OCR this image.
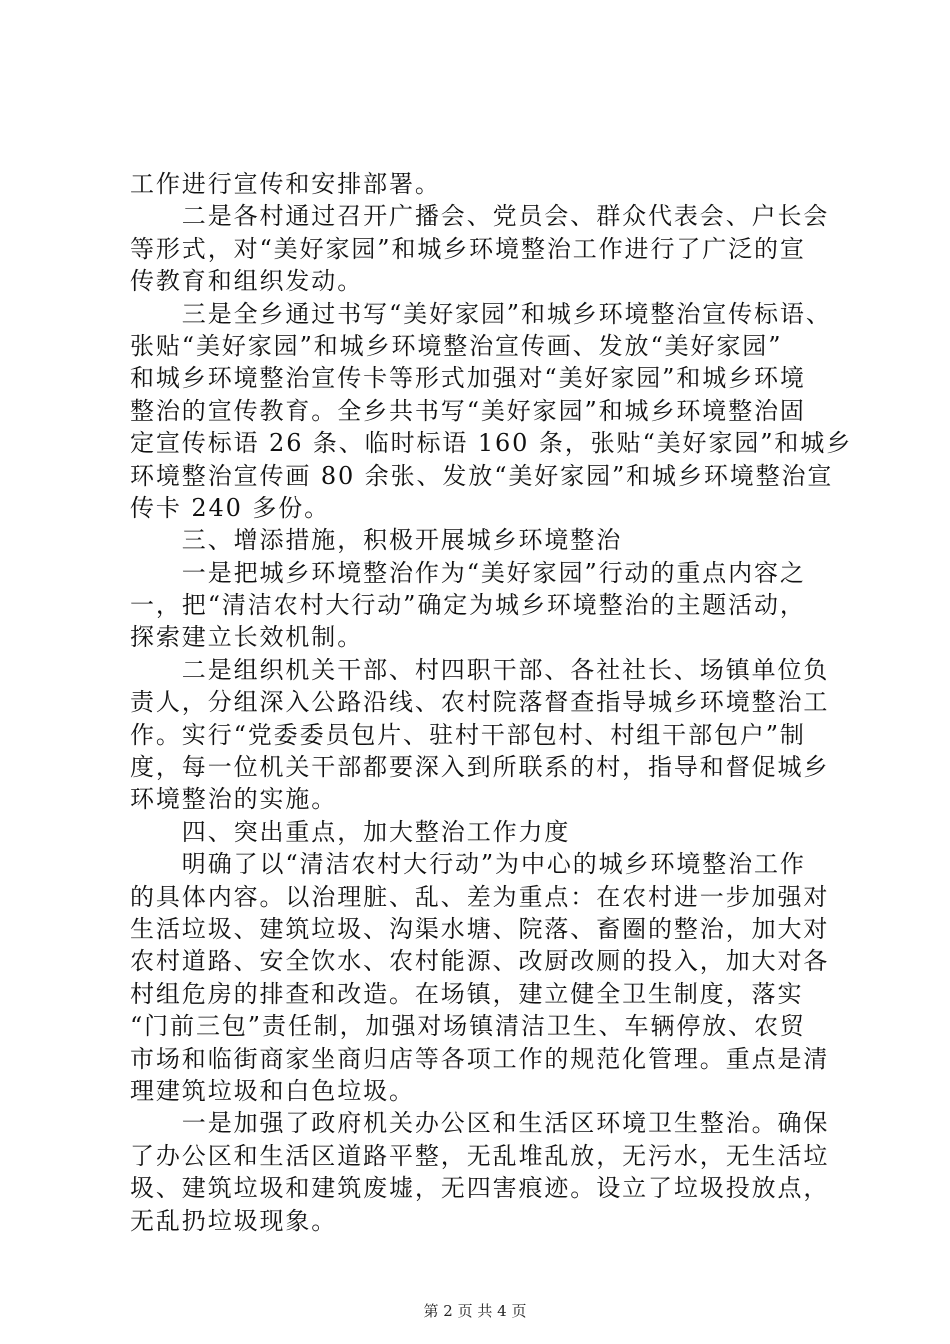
工作进行宣传和安排部署。
　　二是各村通过召开广播会、党员会、群众代表会、户长会
等形式，对“美好家园”和城乡环境整治工作进行了广泛的宣
传教育和组织发动。
　　三是全乡通过书写“美好家园”和城乡环境整治宣传标语、
张贴“美好家园”和城乡环境整治宣传画、发放“美好家园”
和城乡环境整治宣传卡等形式加强对“美好家园”和城乡环境
整治的宣传教育。全乡共书写“美好家园”和城乡环境整治固
定宣传标语 26 条、临时标语 160 条，张贴“美好家园”和城乡
环境整治宣传画 80 余张、发放“美好家园”和城乡环境整治宣
传卡 240 多份。
　　三、增添措施，积极开展城乡环境整治
　　一是把城乡环境整治作为“美好家园”行动的重点内容之
一，把“清洁农村大行动”确定为城乡环境整治的主题活动，
探索建立长效机制。
　　二是组织机关干部、村四职干部、各社社长、场镇单位负
责人，分组深入公路沿线、农村院落督查指导城乡环境整治工
作。实行“党委委员包片、驻村干部包村、村组干部包户”制
度，每一位机关干部都要深入到所联系的村，指导和督促城乡
环境整治的实施。
　　四、突出重点，加大整治工作力度
　　明确了以“清洁农村大行动”为中心的城乡环境整治工作
的具体内容。以治理脏、乱、差为重点：在农村进一步加强对
生活垃圾、建筑垃圾、沟渠水塘、院落、畜圈的整治，加大对
农村道路、安全饮水、农村能源、改厨改厕的投入，加大对各
村组危房的排查和改造。在场镇，建立健全卫生制度，落实
“门前三包”责任制，加强对场镇清洁卫生、车辆停放、农贸
市场和临街商家坐商归店等各项工作的规范化管理。重点是清
理建筑垃圾和白色垃圾。
　　一是加强了政府机关办公区和生活区环境卫生整治。确保
了办公区和生活区道路平整，无乱堆乱放，无污水，无生活垃
圾、建筑垃圾和建筑废墟，无四害痕迹。设立了垃圾投放点，
无乱扔垃圾现象。
第 2 页 共 4 页
